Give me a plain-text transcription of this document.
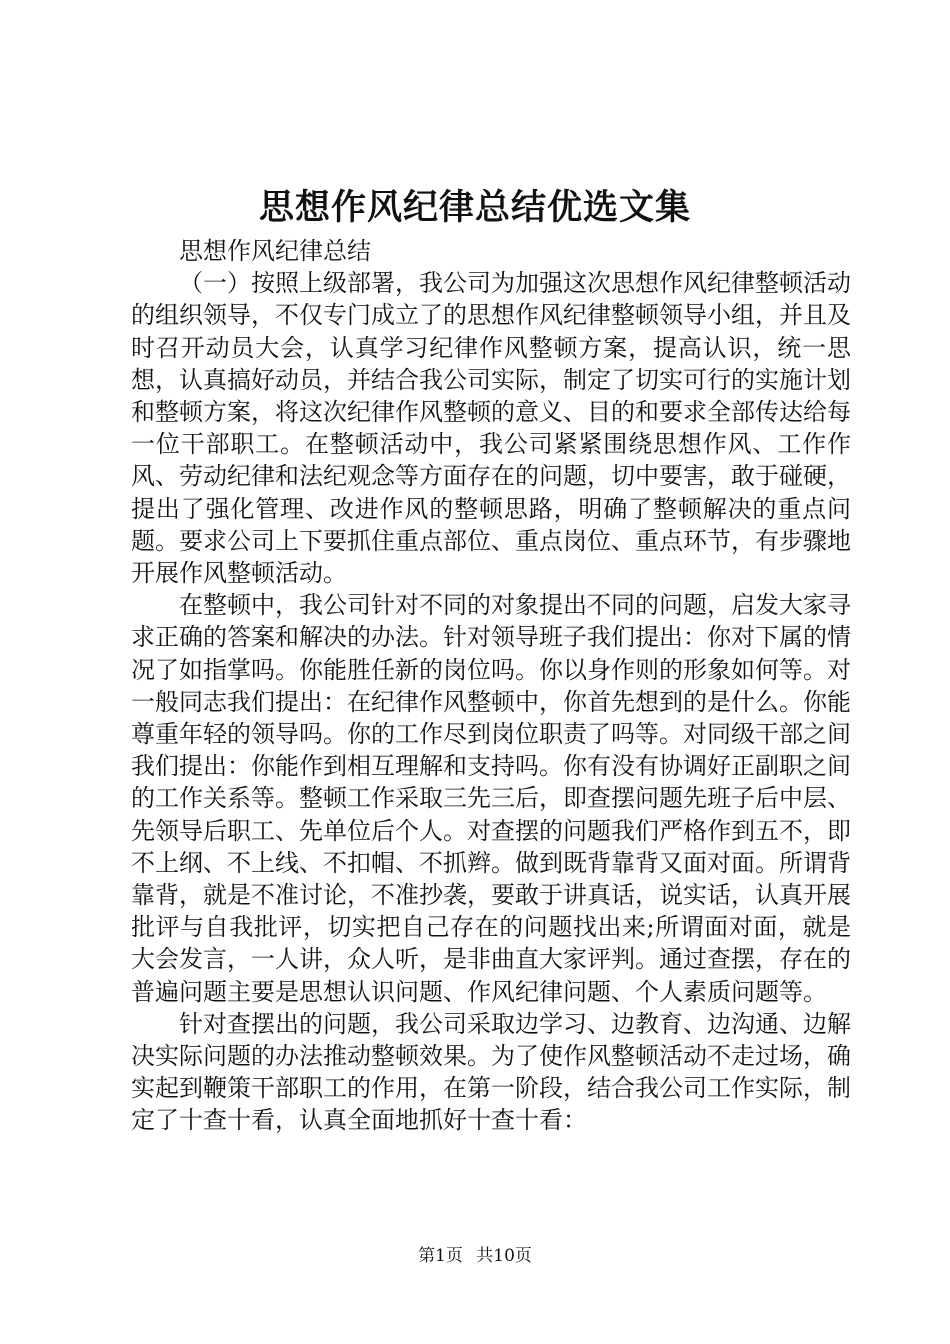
思想作风纪律总结优选文集

思想作风纪律总结

（一）按照上级部署，我公司为加强这次思想作风纪律整顿活动的组织领导，不仅专门成立了的思想作风纪律整顿领导小组，并且及时召开动员大会，认真学习纪律作风整顿方案，提高认识，统一思想，认真搞好动员，并结合我公司实际，制定了切实可行的实施计划和整顿方案，将这次纪律作风整顿的意义、目的和要求全部传达给每一位干部职工。在整顿活动中，我公司紧紧围绕思想作风、工作作风、劳动纪律和法纪观念等方面存在的问题，切中要害，敢于碰硬，提出了强化管理、改进作风的整顿思路，明确了整顿解决的重点问题。要求公司上下要抓住重点部位、重点岗位、重点环节，有步骤地开展作风整顿活动。

在整顿中，我公司针对不同的对象提出不同的问题，启发大家寻求正确的答案和解决的办法。针对领导班子我们提出：你对下属的情况了如指掌吗。你能胜任新的岗位吗。你以身作则的形象如何等。对一般同志我们提出：在纪律作风整顿中，你首先想到的是什么。你能尊重年轻的领导吗。你的工作尽到岗位职责了吗等。对同级干部之间我们提出：你能作到相互理解和支持吗。你有没有协调好正副职之间的工作关系等。整顿工作采取三先三后，即查摆问题先班子后中层、先领导后职工、先单位后个人。对查摆的问题我们严格作到五不，即不上纲、不上线、不扣帽、不抓辫。做到既背靠背又面对面。所谓背靠背，就是不准讨论，不准抄袭，要敢于讲真话，说实话，认真开展批评与自我批评，切实把自己存在的问题找出来;所谓面对面，就是大会发言，一人讲，众人听，是非曲直大家评判。通过查摆，存在的普遍问题主要是思想认识问题、作风纪律问题、个人素质问题等。

针对查摆出的问题，我公司采取边学习、边教育、边沟通、边解决实际问题的办法推动整顿效果。为了使作风整顿活动不走过场，确实起到鞭策干部职工的作用，在第一阶段，结合我公司工作实际，制定了十查十看，认真全面地抓好十查十看：

第1页 共10页
